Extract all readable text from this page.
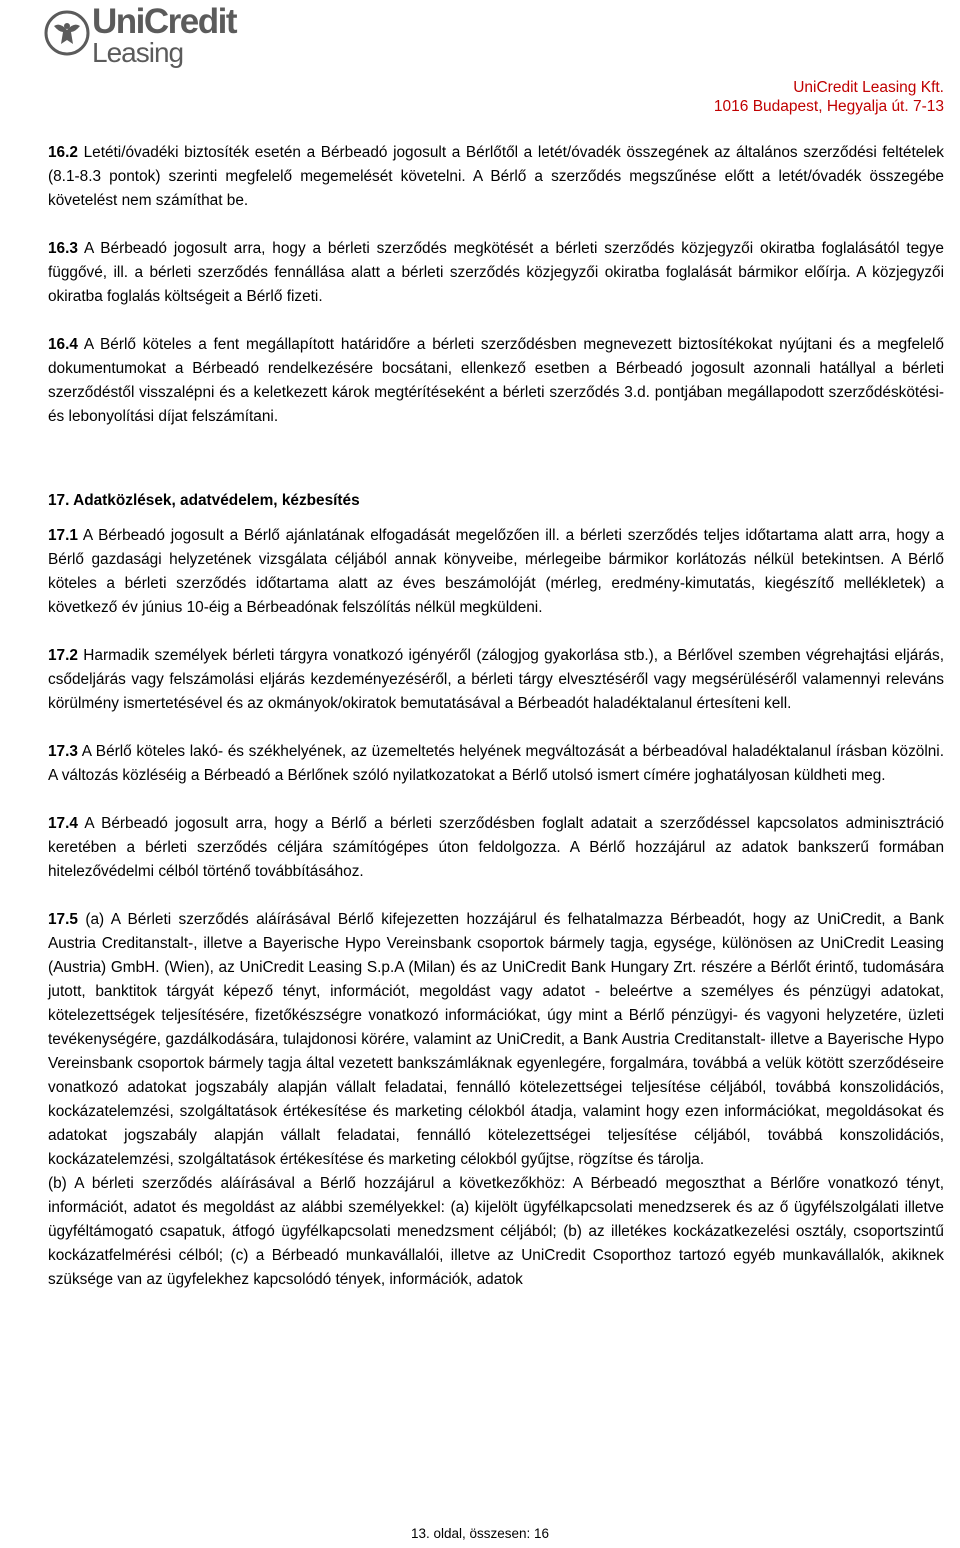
UniCredit
Leasing
UniCredit Leasing Kft.
1016 Budapest, Hegyalja út. 7-13

16.2 Letéti/óvadéki biztosíték esetén a Bérbeadó jogosult a Bérlőtől a letét/óvadék összegének az általános szerződési feltételek (8.1-8.3 pontok) szerinti megfelelő megemelését követelni. A Bérlő a szerződés megszűnése előtt a letét/óvadék összegébe követelést nem számíthat be.

16.3 A Bérbeadó jogosult arra, hogy a bérleti szerződés megkötését a bérleti szerződés közjegyzői okiratba foglalásától tegye függővé, ill. a bérleti szerződés fennállása alatt a bérleti szerződés közjegyzői okiratba foglalását bármikor előírja. A közjegyzői okiratba foglalás költségeit a Bérlő fizeti.

16.4 A Bérlő köteles a fent megállapított határidőre a bérleti szerződésben megnevezett biztosítékokat nyújtani és a megfelelő dokumentumokat a Bérbeadó rendelkezésére bocsátani, ellenkező esetben a Bérbeadó jogosult azonnali hatállyal a bérleti szerződéstől visszalépni és a keletkezett károk megtérítéseként a bérleti szerződés 3.d. pontjában megállapodott szerződéskötési- és lebonyolítási díjat felszámítani.

17. Adatközlések, adatvédelem, kézbesítés

17.1 A Bérbeadó jogosult a Bérlő ajánlatának elfogadását megelőzően ill. a bérleti szerződés teljes időtartama alatt arra, hogy a Bérlő gazdasági helyzetének vizsgálata céljából annak könyveibe, mérlegeibe bármikor korlátozás nélkül betekintsen. A Bérlő köteles a bérleti szerződés időtartama alatt az éves beszámolóját (mérleg, eredmény-kimutatás, kiegészítő mellékletek) a következő év június 10-éig a Bérbeadónak felszólítás nélkül megküldeni.

17.2 Harmadik személyek bérleti tárgyra vonatkozó igényéről (zálogjog gyakorlása stb.), a Bérlővel szemben végrehajtási eljárás, csődeljárás vagy felszámolási eljárás kezdeményezéséről, a bérleti tárgy elvesztéséről vagy megsérüléséről valamennyi releváns körülmény ismertetésével és az okmányok/okiratok bemutatásával a Bérbeadót haladéktalanul értesíteni kell.

17.3 A Bérlő köteles lakó- és székhelyének, az üzemeltetés helyének megváltozását a bérbeadóval haladéktalanul írásban közölni. A változás közléséig a Bérbeadó a Bérlőnek szóló nyilatkozatokat a Bérlő utolsó ismert címére joghatályosan küldheti meg.

17.4 A Bérbeadó jogosult arra, hogy a Bérlő a bérleti szerződésben foglalt adatait a szerződéssel kapcsolatos adminisztráció keretében a bérleti szerződés céljára számítógépes úton feldolgozza. A Bérlő hozzájárul az adatok bankszerű formában hitelezővédelmi célból történő továbbításához.

17.5 (a) A Bérleti szerződés aláírásával Bérlő kifejezetten hozzájárul és felhatalmazza Bérbeadót, hogy az UniCredit, a Bank Austria Creditanstalt-, illetve a Bayerische Hypo Vereinsbank csoportok bármely tagja, egysége, különösen az UniCredit Leasing (Austria) GmbH. (Wien), az UniCredit Leasing S.p.A (Milan) és az UniCredit Bank Hungary Zrt. részére a Bérlőt érintő, tudomására jutott, banktitok tárgyát képező tényt, információt, megoldást vagy adatot - beleértve a személyes és pénzügyi adatokat, kötelezettségek teljesítésére, fizetőkészségre vonatkozó információkat, úgy mint a Bérlő pénzügyi- és vagyoni helyzetére, üzleti tevékenységére, gazdálkodására, tulajdonosi körére, valamint az UniCredit, a Bank Austria Creditanstalt- illetve a Bayerische Hypo Vereinsbank csoportok bármely tagja által vezetett bankszámláknak egyenlegére, forgalmára, továbbá a velük kötött szerződéseire vonatkozó adatokat jogszabály alapján vállalt feladatai, fennálló kötelezettségei teljesítése céljából, továbbá konszolidációs, kockázatelemzési, szolgáltatások értékesítése és marketing célokból átadja, valamint hogy ezen információkat, megoldásokat és adatokat jogszabály alapján vállalt feladatai, fennálló kötelezettségei teljesítése céljából, továbbá konszolidációs, kockázatelemzési, szolgáltatások értékesítése és marketing célokból gyűjtse, rögzítse és tárolja.

(b) A bérleti szerződés aláírásával a Bérlő hozzájárul a következőkhöz: A Bérbeadó megoszthat a Bérlőre vonatkozó tényt, információt, adatot és megoldást az alábbi személyekkel: (a) kijelölt ügyfélkapcsolati menedzserek és az ő ügyfélszolgálati illetve ügyféltámogató csapatuk, átfogó ügyfélkapcsolati menedzsment céljából; (b) az illetékes kockázatkezelési osztály, csoportszintű kockázatfelmérési célból; (c) a Bérbeadó munkavállalói, illetve az UniCredit Csoporthoz tartozó egyéb munkavállalók, akiknek szüksége van az ügyfelekhez kapcsolódó tények, információk, adatok

13. oldal, összesen: 16
